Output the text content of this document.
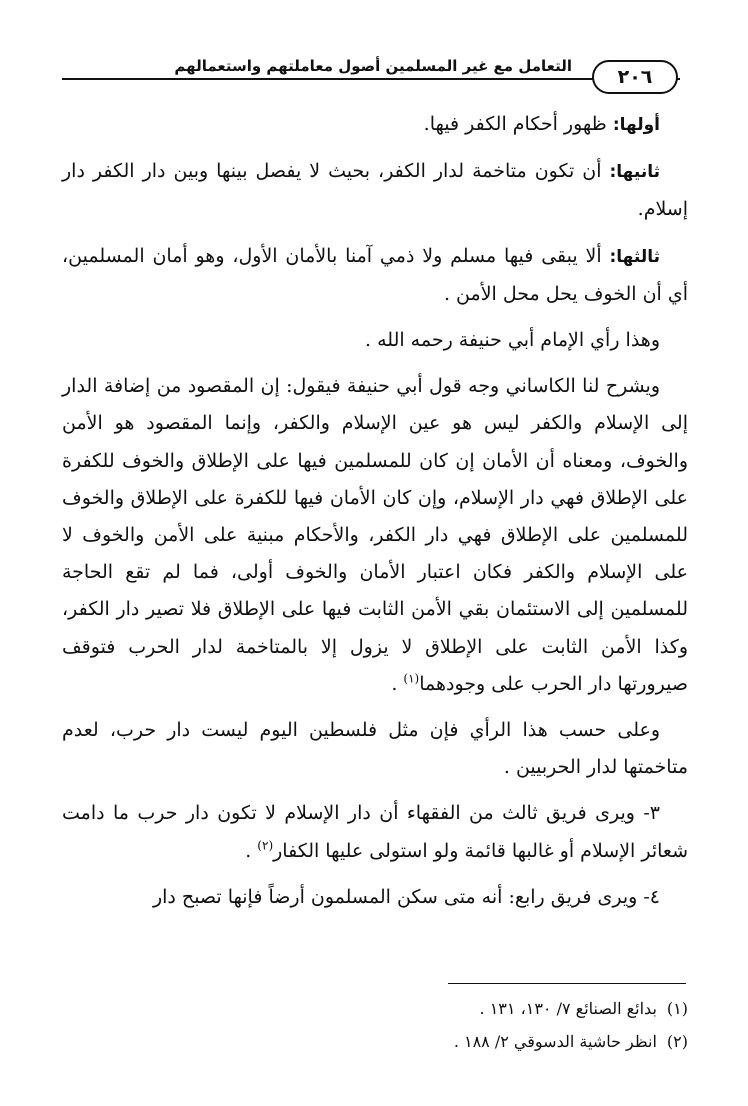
التعامل مع غير المسلمين أصول معاملتهم واستعمالهم	٢٠٦

أولها: ظهور أحكام الكفر فيها.

ثانيها: أن تكون متاخمة لدار الكفر، بحيث لا يفصل بينها وبين دار الكفر دار إسلام.

ثالثها: ألا يبقى فيها مسلم ولا ذمي آمنا بالأمان الأول، وهو أمان المسلمين، أي أن الخوف يحل محل الأمن .

وهذا رأي الإمام أبي حنيفة رحمه الله .

ويشرح لنا الكاساني وجه قول أبي حنيفة فيقول: إن المقصود من إضافة الدار إلى الإسلام والكفر ليس هو عين الإسلام والكفر، وإنما المقصود هو الأمن والخوف، ومعناه أن الأمان إن كان للمسلمين فيها على الإطلاق والخوف للكفرة على الإطلاق فهي دار الإسلام، وإن كان الأمان فيها للكفرة على الإطلاق والخوف للمسلمين على الإطلاق فهي دار الكفر، والأحكام مبنية على الأمن والخوف لا على الإسلام والكفر فكان اعتبار الأمان والخوف أولى، فما لم تقع الحاجة للمسلمين إلى الاستئمان بقي الأمن الثابت فيها على الإطلاق فلا تصير دار الكفر، وكذا الأمن الثابت على الإطلاق لا يزول إلا بالمتاخمة لدار الحرب فتوقف صيرورتها دار الحرب على وجودهما$^{(١)}$ .

وعلى حسب هذا الرأي فإن مثل فلسطين اليوم ليست دار حرب، لعدم متاخمتها لدار الحربيين .

٣- ويرى فريق ثالث من الفقهاء أن دار الإسلام لا تكون دار حرب ما دامت شعائر الإسلام أو غالبها قائمة ولو استولى عليها الكفار$^{(٢)}$ .

٤- ويرى فريق رابع: أنه متى سكن المسلمون أرضاً فإنها تصبح دار

(١)بدائع الصنائع ٧/ ١٣٠، ١٣١ .
(٢)انظر حاشية الدسوقي ٢/ ١٨٨ .
